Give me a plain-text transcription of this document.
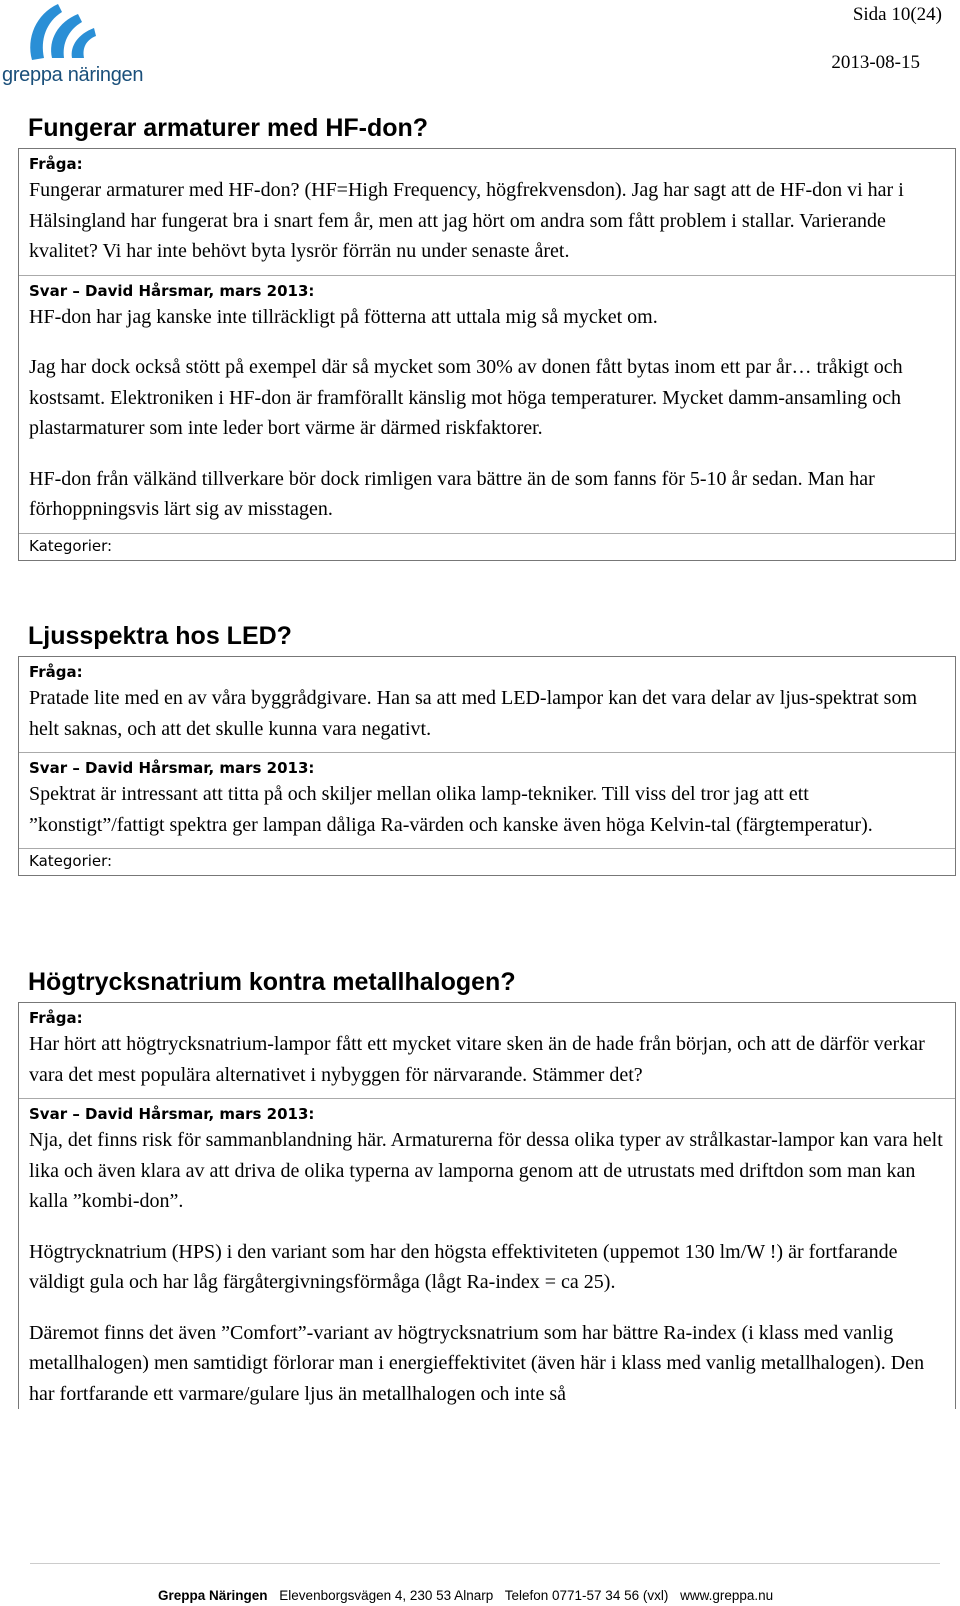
greppa näringen
Sida 10(24)
2013-08-15
Fungerar armaturer med HF-don?
Fråga:

Fungerar armaturer med HF-don? (HF=High Frequency, högfrekvensdon). Jag har sagt att de HF-don vi har i Hälsingland har fungerat bra i snart fem år, men att jag hört om andra som fått problem i stallar. Varierande kvalitet? Vi har inte behövt byta lysrör förrän nu under senaste året.

Svar – David Hårsmar, mars 2013:

HF-don har jag kanske inte tillräckligt på fötterna att uttala mig så mycket om.

Jag har dock också stött på exempel där så mycket som 30% av donen fått bytas inom ett par år… tråkigt och kostsamt. Elektroniken i HF-don är framförallt känslig mot höga temperaturer. Mycket damm-ansamling och plastarmaturer som inte leder bort värme är därmed riskfaktorer.

HF-don från välkänd tillverkare bör dock rimligen vara bättre än de som fanns för 5-10 år sedan. Man har förhoppningsvis lärt sig av misstagen.

Kategorier:
Ljusspektra hos LED?
Fråga:

Pratade lite med en av våra byggrådgivare. Han sa att med LED-lampor kan det vara delar av ljus-spektrat som helt saknas, och att det skulle kunna vara negativt.

Svar – David Hårsmar, mars 2013:

Spektrat är intressant att titta på och skiljer mellan olika lamp-tekniker. Till viss del tror jag att ett ”konstigt”/fattigt spektra ger lampan dåliga Ra-värden och kanske även höga Kelvin-tal (färgtemperatur).

Kategorier:
Högtrycksnatrium kontra metallhalogen?
Fråga:

Har hört att högtrycksnatrium-lampor fått ett mycket vitare sken än de hade från början, och att de därför verkar vara det mest populära alternativet i nybyggen för närvarande. Stämmer det?

Svar – David Hårsmar, mars 2013:

Nja, det finns risk för sammanblandning här. Armaturerna för dessa olika typer av strålkastar-lampor kan vara helt lika och även klara av att driva de olika typerna av lamporna genom att de utrustats med driftdon som man kan kalla ”kombi-don”.

Högtrycknatrium (HPS) i den variant som har den högsta effektiviteten (uppemot 130 lm/W !) är fortfarande väldigt gula och har låg färgåtergivningsförmåga (lågt Ra-index = ca 25).

Däremot finns det även ”Comfort”-variant av högtrycksnatrium som har bättre Ra-index (i klass med vanlig metallhalogen) men samtidigt förlorar man i energieffektivitet (även här i klass med vanlig metallhalogen). Den har fortfarande ett varmare/gulare ljus än metallhalogen och inte så

Greppa Näringen Elevenborgsvägen 4, 230 53 Alnarp Telefon 0771-57 34 56 (vxl) www.greppa.nu
